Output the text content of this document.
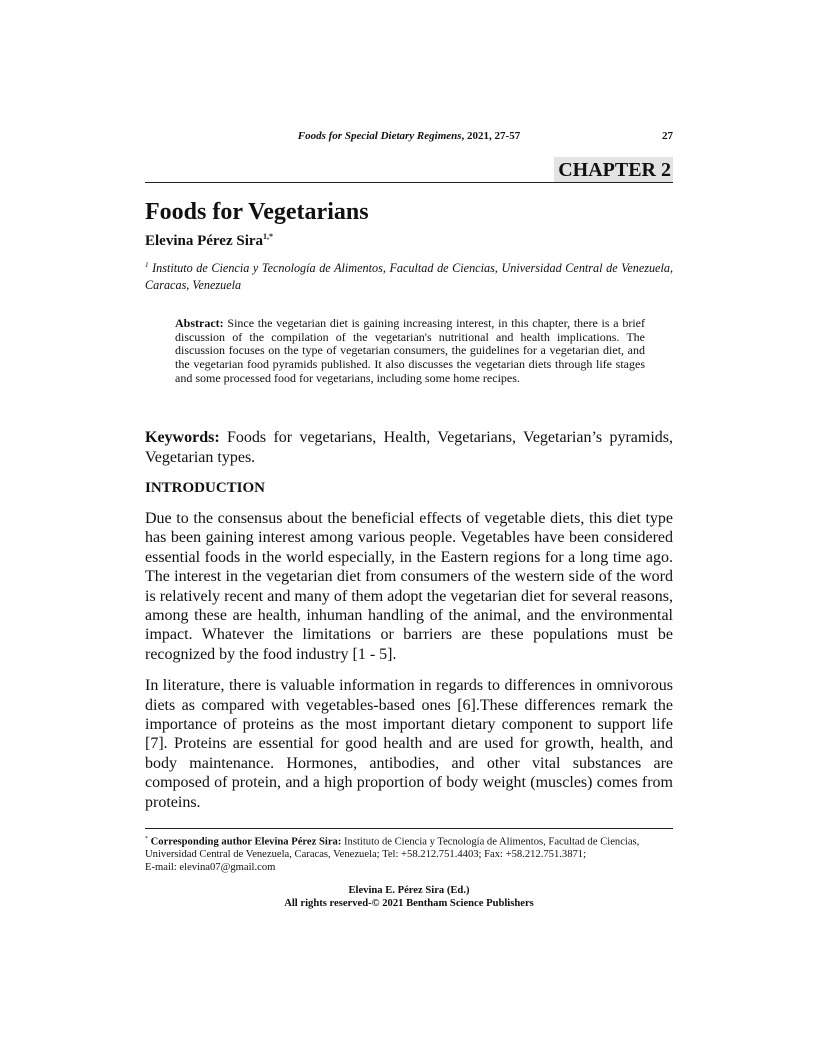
Foods for Special Dietary Regimens, 2021, 27-57	27
CHAPTER 2
Foods for Vegetarians
Elevina Pérez Sira$^{1,*}$
$^1$ Instituto de Ciencia y Tecnología de Alimentos, Facultad de Ciencias, Universidad Central de Venezuela, Caracas, Venezuela
Abstract: Since the vegetarian diet is gaining increasing interest, in this chapter, there is a brief discussion of the compilation of the vegetarian's nutritional and health implications. The discussion focuses on the type of vegetarian consumers, the guidelines for a vegetarian diet, and the vegetarian food pyramids published. It also discusses the vegetarian diets through life stages and some processed food for vegetarians, including some home recipes.
Keywords: Foods for vegetarians, Health, Vegetarians, Vegetarian’s pyramids, Vegetarian types.
INTRODUCTION
Due to the consensus about the beneficial effects of vegetable diets, this diet type has been gaining interest among various people. Vegetables have been considered essential foods in the world especially, in the Eastern regions for a long time ago. The interest in the vegetarian diet from consumers of the western side of the word is relatively recent and many of them adopt the vegetarian diet for several reasons, among these are health, inhuman handling of the animal, and the environmental impact. Whatever the limitations or barriers are these populations must be recognized by the food industry [1 - 5].
In literature, there is valuable information in regards to differences in omnivorous diets as compared with vegetables-based ones [6].These differences remark the importance of proteins as the most important dietary component to support life [7]. Proteins are essential for good health and are used for growth, health, and body maintenance. Hormones, antibodies, and other vital substances are composed of protein, and a high proportion of body weight (muscles) comes from proteins.
* Corresponding author Elevina Pérez Sira: Instituto de Ciencia y Tecnología de Alimentos, Facultad de Ciencias, Universidad Central de Venezuela, Caracas, Venezuela; Tel: +58.212.751.4403; Fax: +58.212.751.3871;
E-mail: elevina07@gmail.com
Elevina E. Pérez Sira (Ed.)
All rights reserved-© 2021 Bentham Science Publishers
